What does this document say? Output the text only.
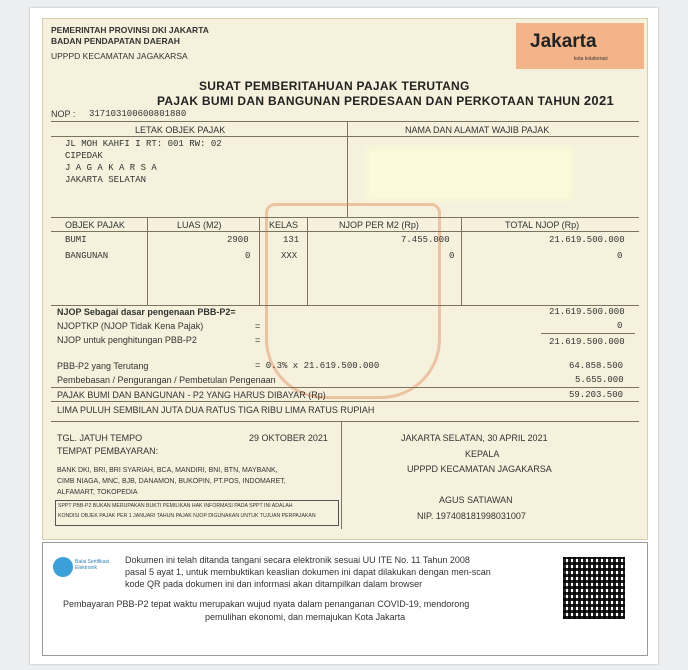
PEMERINTAH PROVINSI DKI JAKARTA
BADAN PENDAPATAN DAERAH
UPPPD KECAMATAN JAGAKARSA
Jakarta
kota kolaborasi
SURAT PEMBERITAHUAN PAJAK TERUTANG
PAJAK BUMI DAN BANGUNAN PERDESAAN DAN PERKOTAAN TAHUN 2021
NOP : 317103100600801880
LETAK OBJEK PAJAK	NAMA DAN ALAMAT WAJIB PAJAK
JL MOH KAHFI I RT: 001 RW: 02
CIPEDAK
J A G A K A R S A
JAKARTA SELATAN
OBJEK PAJAK	LUAS (M2)	KELAS	NJOP PER M2 (Rp)	TOTAL NJOP (Rp)
BUMI	2900	131	7.455.000	21.619.500.000
BANGUNAN	0	XXX	0	0
NJOP Sebagai dasar pengenaan PBB-P2=	21.619.500.000
NJOPTKP (NJOP Tidak Kena Pajak)	=	0
NJOP untuk penghitungan PBB-P2	=	21.619.500.000
PBB-P2 yang Terutang	= 0.3% x 21.619.500.000	64.858.500
Pembebasan / Pengurangan / Pembetulan Pengenaan	5.655.000
PAJAK BUMI DAN BANGUNAN - P2 YANG HARUS DIBAYAR (Rp)	59.203.500
LIMA PULUH SEMBILAN JUTA DUA RATUS TIGA RIBU LIMA RATUS RUPIAH
TGL. JATUH TEMPO	29 OKTOBER 2021
TEMPAT PEMBAYARAN:
BANK DKI, BRI, BRI SYARIAH, BCA, MANDIRI, BNI, BTN, MAYBANK,
CIMB NIAGA, MNC, BJB, DANAMON, BUKOPIN, PT.POS, INDOMARET,
ALFAMART, TOKOPEDIA
SPPT PBB-P2 BUKAN MERUPAKAN BUKTI PEMILIKAN HAK INFORMASI PADA SPPT INI ADALAH
KONDISI OBJEK PAJAK PER 1 JANUARI TAHUN PAJAK NJOP DIGUNAKAN UNTUK TUJUAN PERPAJAKAN
JAKARTA SELATAN, 30 APRIL 2021
KEPALA
UPPPD KECAMATAN JAGAKARSA
AGUS SATIAWAN
NIP. 197408181998031007
Balai Sertifikasi Elektronik
Dokumen ini telah ditanda tangani secara elektronik sesuai UU ITE No. 11 Tahun 2008
pasal 5 ayat 1, untuk membuktikan keaslian dokumen ini dapat dilakukan dengan men-scan
kode QR pada dokumen ini dan informasi akan ditampilkan dalam browser
Pembayaran PBB-P2 tepat waktu merupakan wujud nyata dalam penanganan COVID-19, mendorong
pemulihan ekonomi, dan memajukan Kota Jakarta
